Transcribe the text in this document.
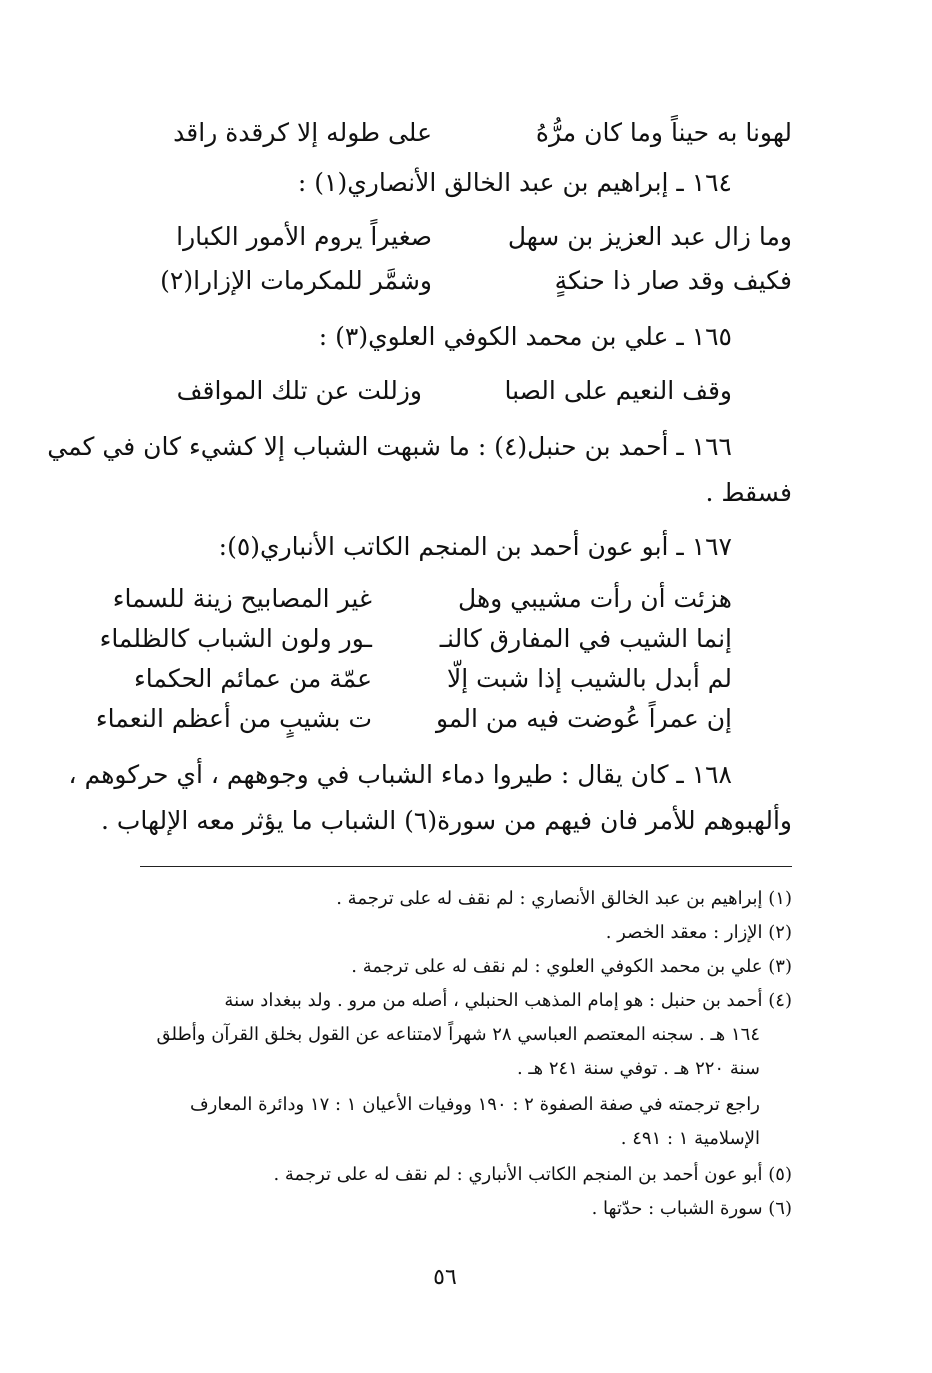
لهونا به حيناً وما كان مرُّهُ
على طوله إلا كرقدة راقد
١٦٤ ـ إبراهيم بن عبد الخالق الأنصاري(١) :
وما زال عبد العزيز بن سهل
صغيراً يروم الأمور الكبارا
فكيف وقد صار ذا حنكةٍ
وشمَّر للمكرمات الإزارا(٢)
١٦٥ ـ علي بن محمد الكوفي العلوي(٣) :
وقف النعيم على الصبا
وزللت عن تلك المواقف
١٦٦ ـ أحمد بن حنبل(٤) : ما شبهت الشباب إلا كشيء كان في كمي
فسقط .
١٦٧ ـ أبو عون أحمد بن المنجم الكاتب الأنباري(٥):
هزئت أن رأت مشيبي وهل
غير المصابيح زينة للسماء
إنما الشيب في المفارق كالنـ
ـور ولون الشباب كالظلماء
لم أبدل بالشيب إذا شبت إلّا
عمّة من عمائم الحكماء
إن عمراً عُوضت فيه من المو
ت بشيبٍ من أعظم النعماء
١٦٨ ـ كان يقال : طيروا دماء الشباب في وجوههم ، أي حركوهم ،
وألهبوهم للأمر فان فيهم من سورة(٦) الشباب ما يؤثر معه الإلهاب .
(١) إبراهيم بن عبد الخالق الأنصاري : لم نقف له على ترجمة .
(٢) الإزار : معقد الخصر .
(٣) علي بن محمد الكوفي العلوي : لم نقف له على ترجمة .
(٤) أحمد بن حنبل : هو إمام المذهب الحنبلي ، أصله من مرو . ولد ببغداد سنة
١٦٤ هـ . سجنه المعتصم العباسي ٢٨ شهراً لامتناعه عن القول بخلق القرآن وأطلق
سنة ٢٢٠ هـ . توفي سنة ٢٤١ هـ .
راجع ترجمته في صفة الصفوة ٢ : ١٩٠ ووفيات الأعيان ١ : ١٧ ودائرة المعارف
الإسلامية ١ : ٤٩١ .
(٥) أبو عون أحمد بن المنجم الكاتب الأنباري : لم نقف له على ترجمة .
(٦) سورة الشباب : حدّتها .
٥٦
